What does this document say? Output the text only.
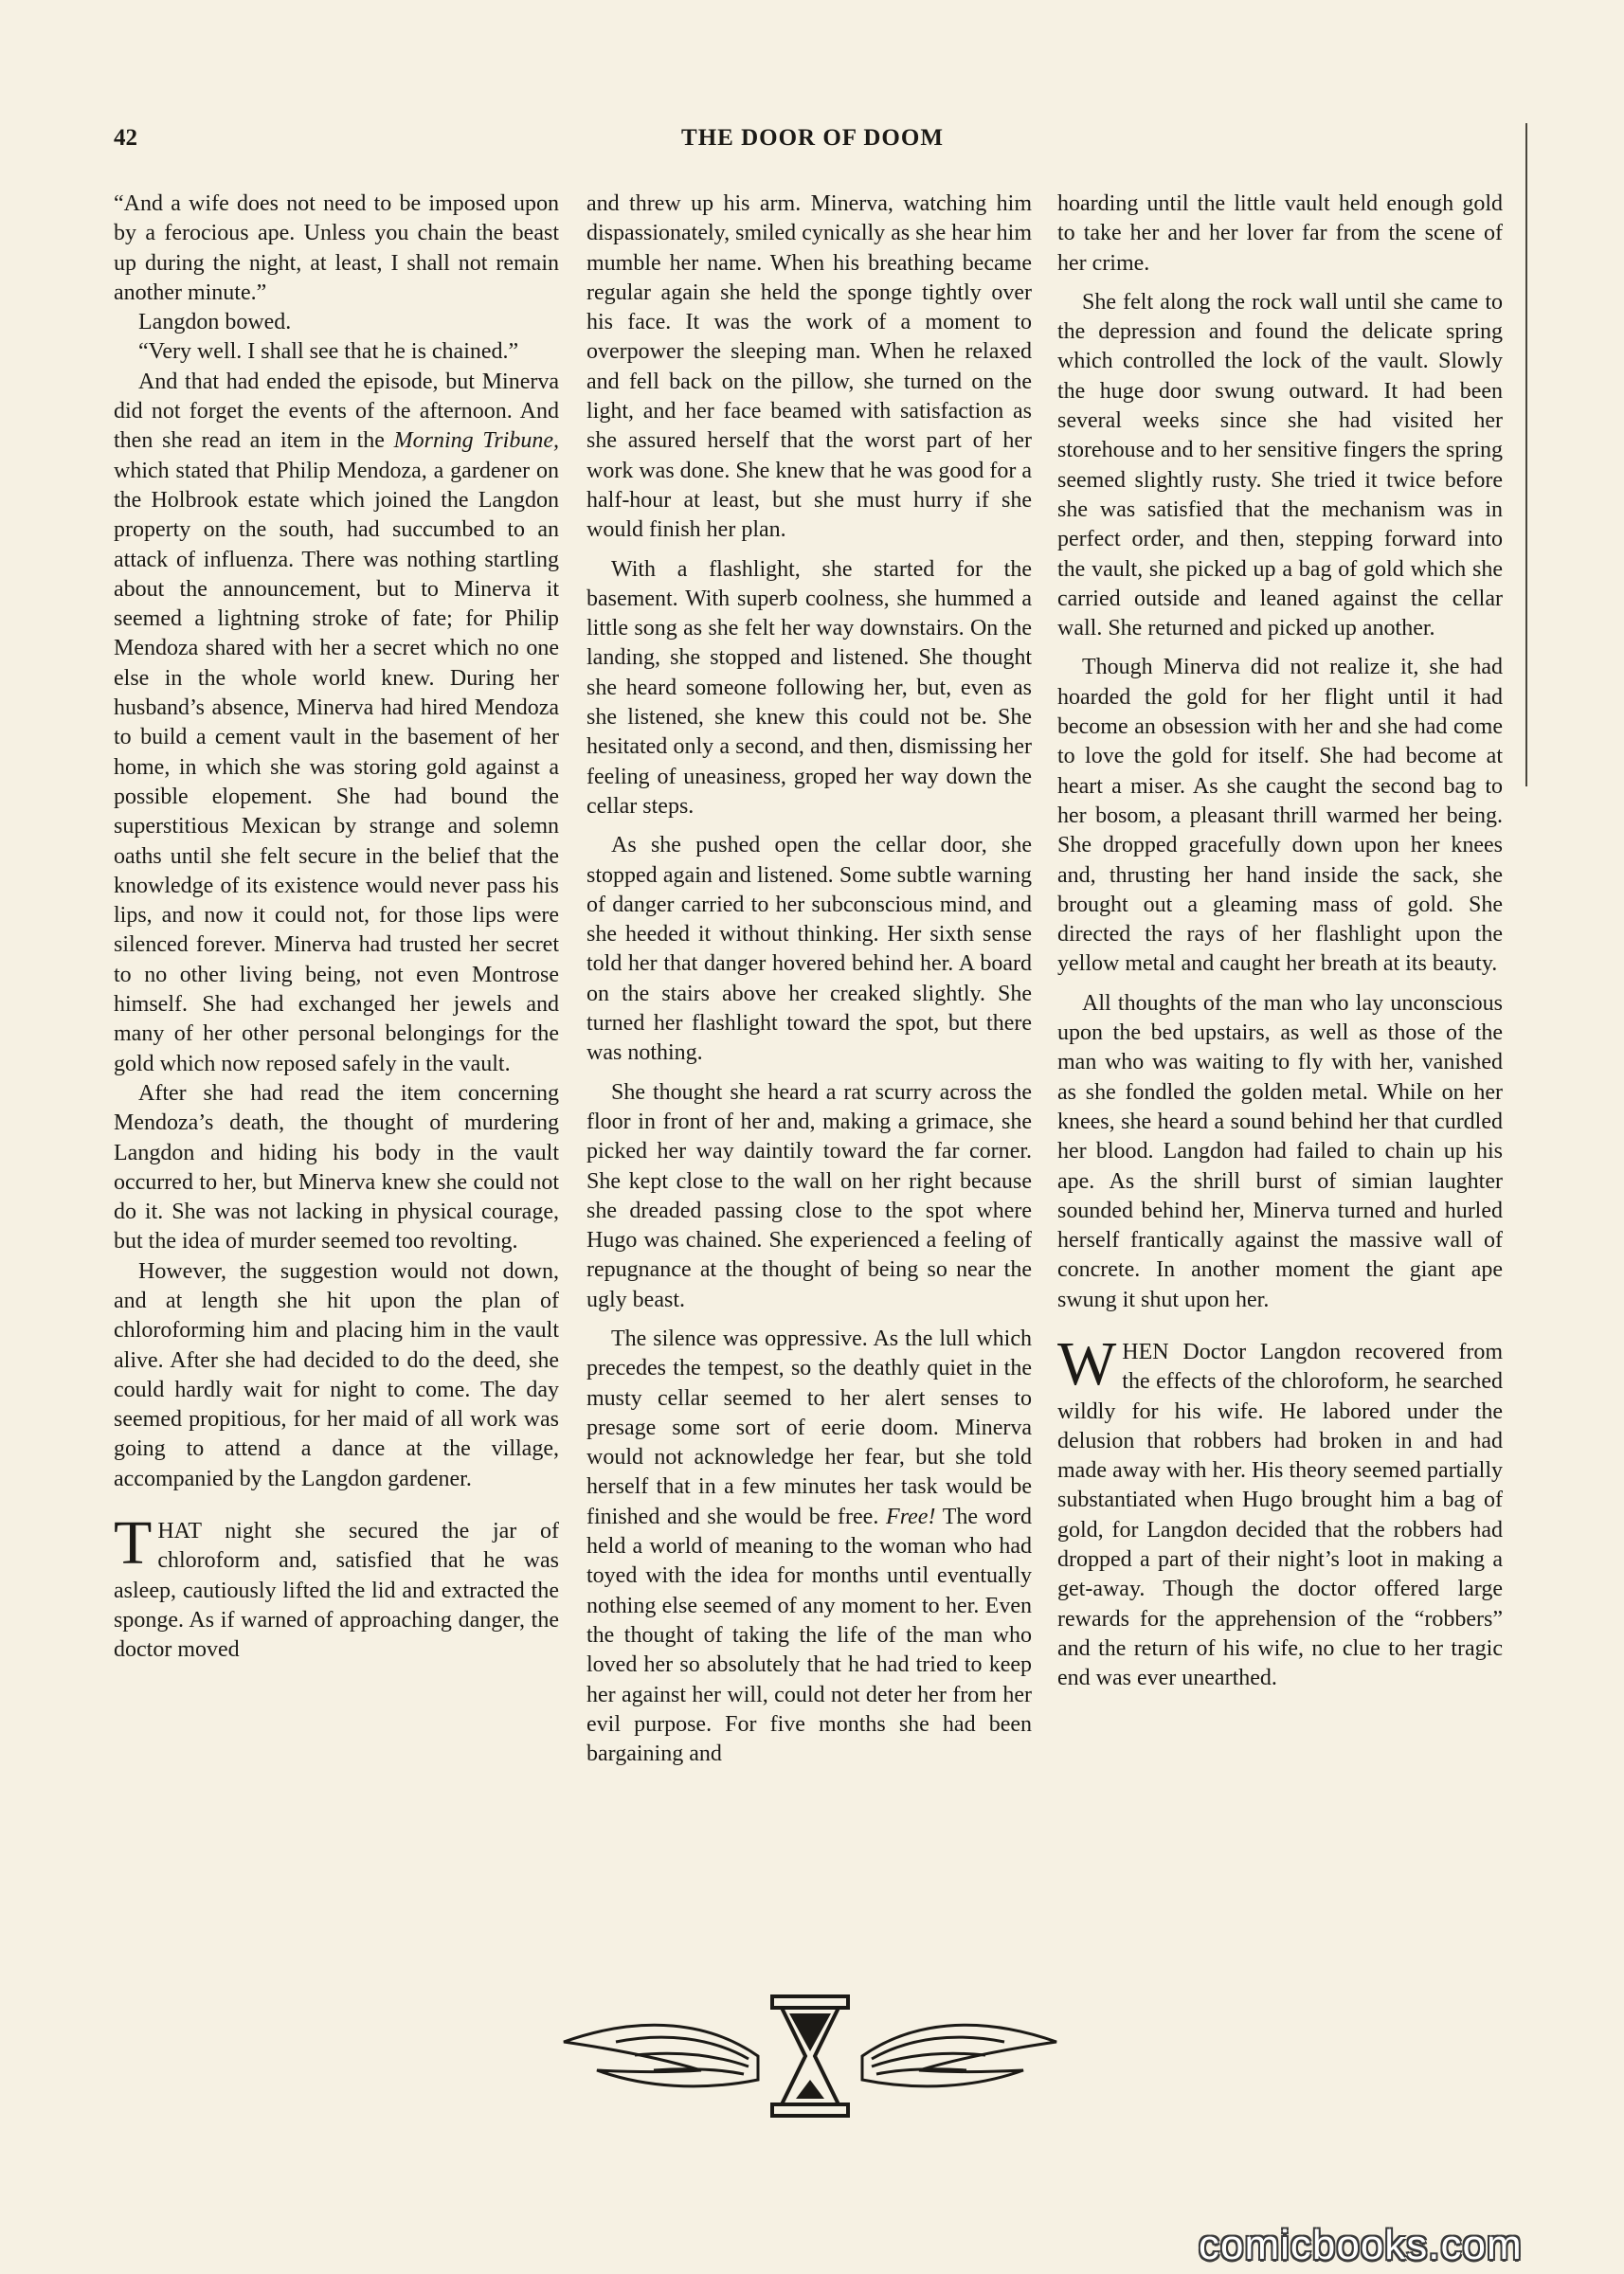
42	THE DOOR OF DOOM

“And a wife does not need to be imposed upon by a ferocious ape. Unless you chain the beast up during the night, at least, I shall not remain another minute.”

Langdon bowed.

“Very well. I shall see that he is chained.”

And that had ended the episode, but Minerva did not forget the events of the afternoon. And then she read an item in the Morning Tribune, which stated that Philip Mendoza, a gardener on the Holbrook estate which joined the Langdon property on the south, had succumbed to an attack of influenza. There was nothing startling about the announcement, but to Minerva it seemed a lightning stroke of fate; for Philip Mendoza shared with her a secret which no one else in the whole world knew. During her husband’s absence, Minerva had hired Mendoza to build a cement vault in the basement of her home, in which she was storing gold against a possible elopement. She had bound the superstitious Mexican by strange and solemn oaths until she felt secure in the belief that the knowledge of its existence would never pass his lips, and now it could not, for those lips were silenced forever. Minerva had trusted her secret to no other living being, not even Montrose himself. She had exchanged her jewels and many of her other personal belongings for the gold which now reposed safely in the vault.

After she had read the item concerning Mendoza’s death, the thought of murdering Langdon and hiding his body in the vault occurred to her, but Minerva knew she could not do it. She was not lacking in physical courage, but the idea of murder seemed too revolting.

However, the suggestion would not down, and at length she hit upon the plan of chloroforming him and placing him in the vault alive. After she had decided to do the deed, she could hardly wait for night to come. The day seemed propitious, for her maid of all work was going to attend a dance at the village, accompanied by the Langdon gardener.

THAT night she secured the jar of chloroform and, satisfied that he was asleep, cautiously lifted the lid and extracted the sponge. As if warned of approaching danger, the doctor moved

and threw up his arm. Minerva, watching him dispassionately, smiled cynically as she hear him mumble her name. When his breathing became regular again she held the sponge tightly over his face. It was the work of a moment to overpower the sleeping man. When he relaxed and fell back on the pillow, she turned on the light, and her face beamed with satisfaction as she assured herself that the worst part of her work was done. She knew that he was good for a half-hour at least, but she must hurry if she would finish her plan.

With a flashlight, she started for the basement. With superb coolness, she hummed a little song as she felt her way downstairs. On the landing, she stopped and listened. She thought she heard someone following her, but, even as she listened, she knew this could not be. She hesitated only a second, and then, dismissing her feeling of uneasiness, groped her way down the cellar steps.

As she pushed open the cellar door, she stopped again and listened. Some subtle warning of danger carried to her subconscious mind, and she heeded it without thinking. Her sixth sense told her that danger hovered behind her. A board on the stairs above her creaked slightly. She turned her flashlight toward the spot, but there was nothing.

She thought she heard a rat scurry across the floor in front of her and, making a grimace, she picked her way daintily toward the far corner. She kept close to the wall on her right because she dreaded passing close to the spot where Hugo was chained. She experienced a feeling of repugnance at the thought of being so near the ugly beast.

The silence was oppressive. As the lull which precedes the tempest, so the deathly quiet in the musty cellar seemed to her alert senses to presage some sort of eerie doom. Minerva would not acknowledge her fear, but she told herself that in a few minutes her task would be finished and she would be free. Free! The word held a world of meaning to the woman who had toyed with the idea for months until eventually nothing else seemed of any moment to her. Even the thought of taking the life of the man who loved her so absolutely that he had tried to keep her against her will, could not deter her from her evil purpose. For five months she had been bargaining and

hoarding until the little vault held enough gold to take her and her lover far from the scene of her crime.

She felt along the rock wall until she came to the depression and found the delicate spring which controlled the lock of the vault. Slowly the huge door swung outward. It had been several weeks since she had visited her storehouse and to her sensitive fingers the spring seemed slightly rusty. She tried it twice before she was satisfied that the mechanism was in perfect order, and then, stepping forward into the vault, she picked up a bag of gold which she carried outside and leaned against the cellar wall. She returned and picked up another.

Though Minerva did not realize it, she had hoarded the gold for her flight until it had become an obsession with her and she had come to love the gold for itself. She had become at heart a miser. As she caught the second bag to her bosom, a pleasant thrill warmed her being. She dropped gracefully down upon her knees and, thrusting her hand inside the sack, she brought out a gleaming mass of gold. She directed the rays of her flashlight upon the yellow metal and caught her breath at its beauty.

All thoughts of the man who lay unconscious upon the bed upstairs, as well as those of the man who was waiting to fly with her, vanished as she fondled the golden metal. While on her knees, she heard a sound behind her that curdled her blood. Langdon had failed to chain up his ape. As the shrill burst of simian laughter sounded behind her, Minerva turned and hurled herself frantically against the massive wall of concrete. In another moment the giant ape swung it shut upon her.

WHEN Doctor Langdon recovered from the effects of the chloroform, he searched wildly for his wife. He labored under the delusion that robbers had broken in and had made away with her. His theory seemed partially substantiated when Hugo brought him a bag of gold, for Langdon decided that the robbers had dropped a part of their night’s loot in making a get-away. Though the doctor offered large rewards for the apprehension of the “robbers” and the return of his wife, no clue to her tragic end was ever unearthed.

comicbooks.com
